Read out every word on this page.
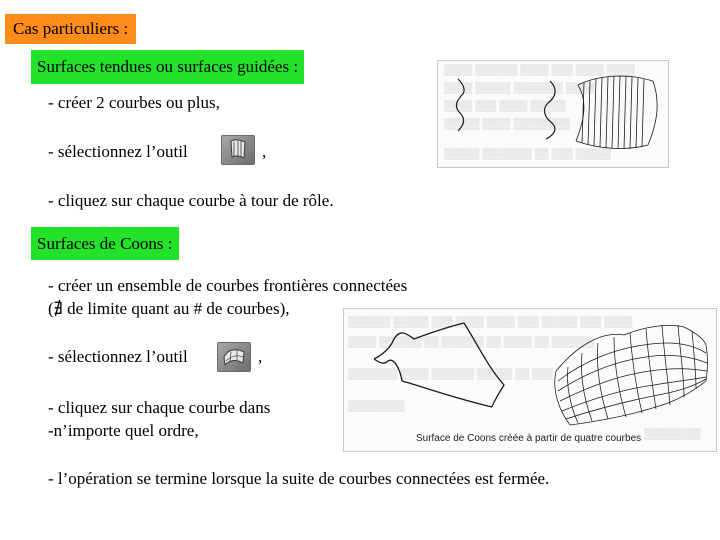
Cas particuliers :
Surfaces tendues ou surfaces guidées :
- créer 2 courbes ou plus,
- sélectionnez l’outil	,
- cliquez sur chaque courbe à tour de rôle.
▒▒▒▒ ▒▒▒▒▒▒ ▒▒▒▒ ▒▒▒ ▒▒▒▒ ▒▒▒▒
▒▒▒▒ ▒▒▒▒▒ ▒▒▒▒▒▒▒ ▒▒▒▒
▒▒▒▒ ▒▒▒ ▒▒▒▒ ▒▒▒▒▒
▒▒▒▒▒ ▒▒▒▒ ▒▒▒▒▒▒▒▒
▒▒▒▒▒ ▒▒▒▒▒▒▒ ▒▒ ▒▒▒ ▒▒▒▒▒
Surfaces de Coons :
- créer un ensemble de courbes frontières connectées
(∄ de limite quant au # de courbes),
- sélectionnez l’outil	,
- cliquez sur chaque courbe dans
-n’importe quel ordre,
- l’opération se termine lorsque la suite de courbes connectées est fermée.
▒▒▒▒▒▒ ▒▒▒▒▒ ▒▒▒ ▒▒▒▒ ▒▒▒▒ ▒▒▒ ▒▒▒▒▒ ▒▒▒ ▒▒▒▒
▒▒▒▒ ▒▒▒▒▒▒ ▒▒ ▒▒▒▒▒▒ ▒▒ ▒▒▒▒ ▒▒ ▒▒▒▒▒▒
▒▒▒▒▒▒▒ ▒▒▒▒ ▒▒▒▒▒▒ ▒▒▒▒▒ ▒▒ ▒▒▒
▒▒▒▒▒▒▒▒
▒▒▒▒▒▒▒▒
Surface de Coons créée à partir de quatre courbes
